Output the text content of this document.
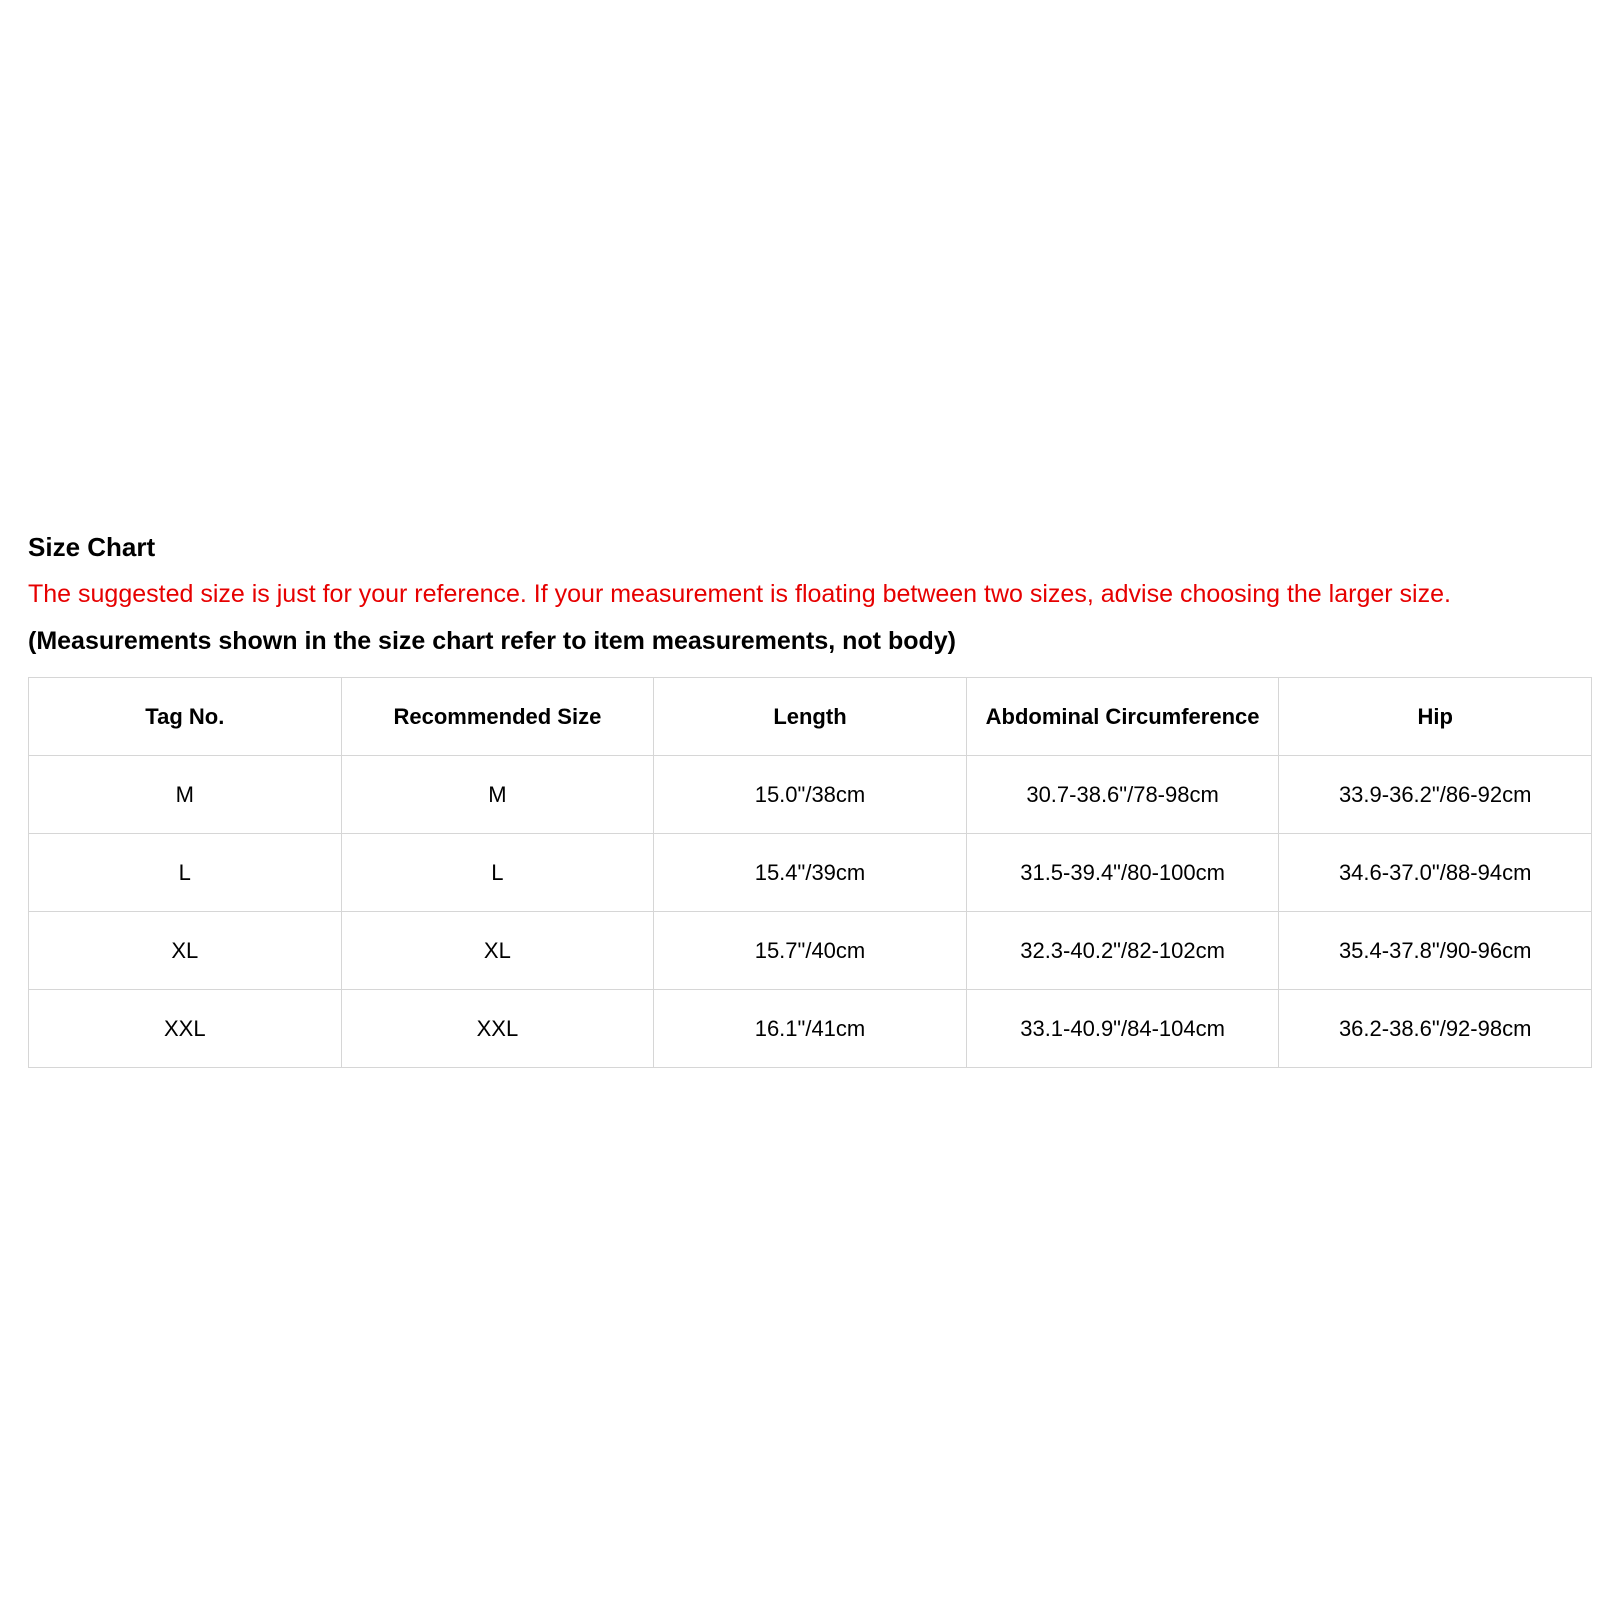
Size Chart
The suggested size is just for your reference. If your measurement is floating between two sizes, advise choosing the larger size.
(Measurements shown in the size chart refer to item measurements, not body)
Tag No.	Recommended Size	Length	Abdominal Circumference	Hip
M	M	15.0"/38cm	30.7-38.6"/78-98cm	33.9-36.2"/86-92cm
L	L	15.4"/39cm	31.5-39.4"/80-100cm	34.6-37.0"/88-94cm
XL	XL	15.7"/40cm	32.3-40.2"/82-102cm	35.4-37.8"/90-96cm
XXL	XXL	16.1"/41cm	33.1-40.9"/84-104cm	36.2-38.6"/92-98cm
